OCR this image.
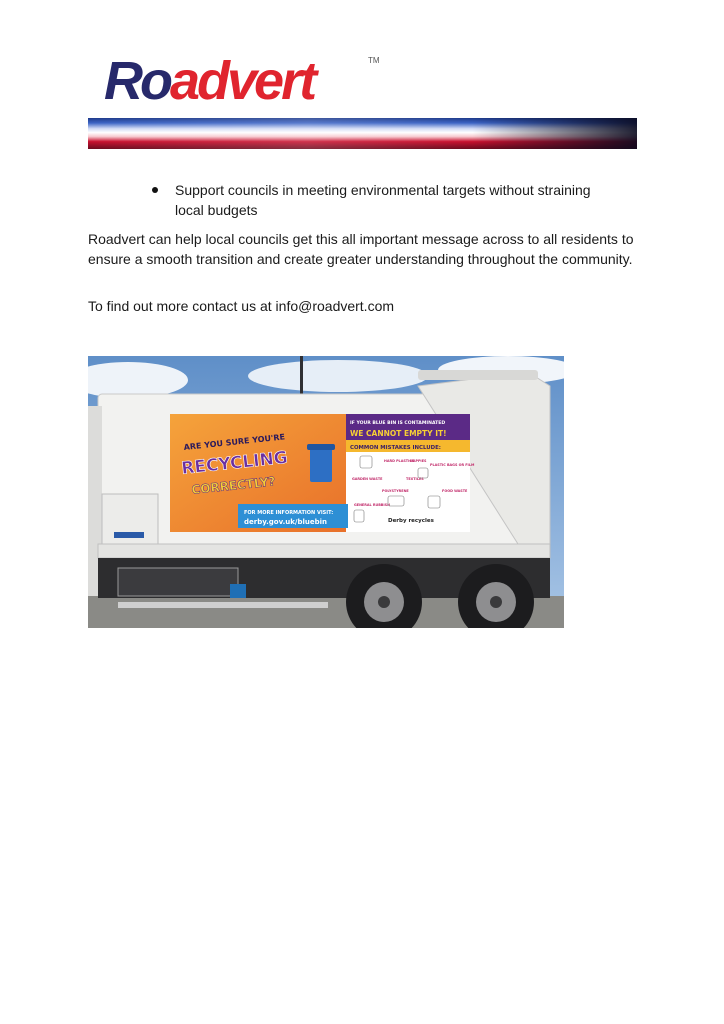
Roadvert	TM
Support councils in meeting environmental targets without straining local budgets
Roadvert can help local councils get this all important message across to all residents to ensure a smooth transition and create greater understanding throughout the community.
To find out more contact us at info@roadvert.com
ARE YOU SURE YOU'RE
RECYCLING
CORRECTLY?
FOR MORE INFORMATION VISIT:
derby.gov.uk/bluebin
IF YOUR BLUE BIN IS CONTAMINATED
WE CANNOT EMPTY IT!
COMMON MISTAKES INCLUDE:
HARD PLASTICS
NAPPIES
PLASTIC BAGS OR FILM
GARDEN WASTE	TEXTILES
POLYSTYRENE	FOOD WASTE
GENERAL RUBBISH
Derby recycles
